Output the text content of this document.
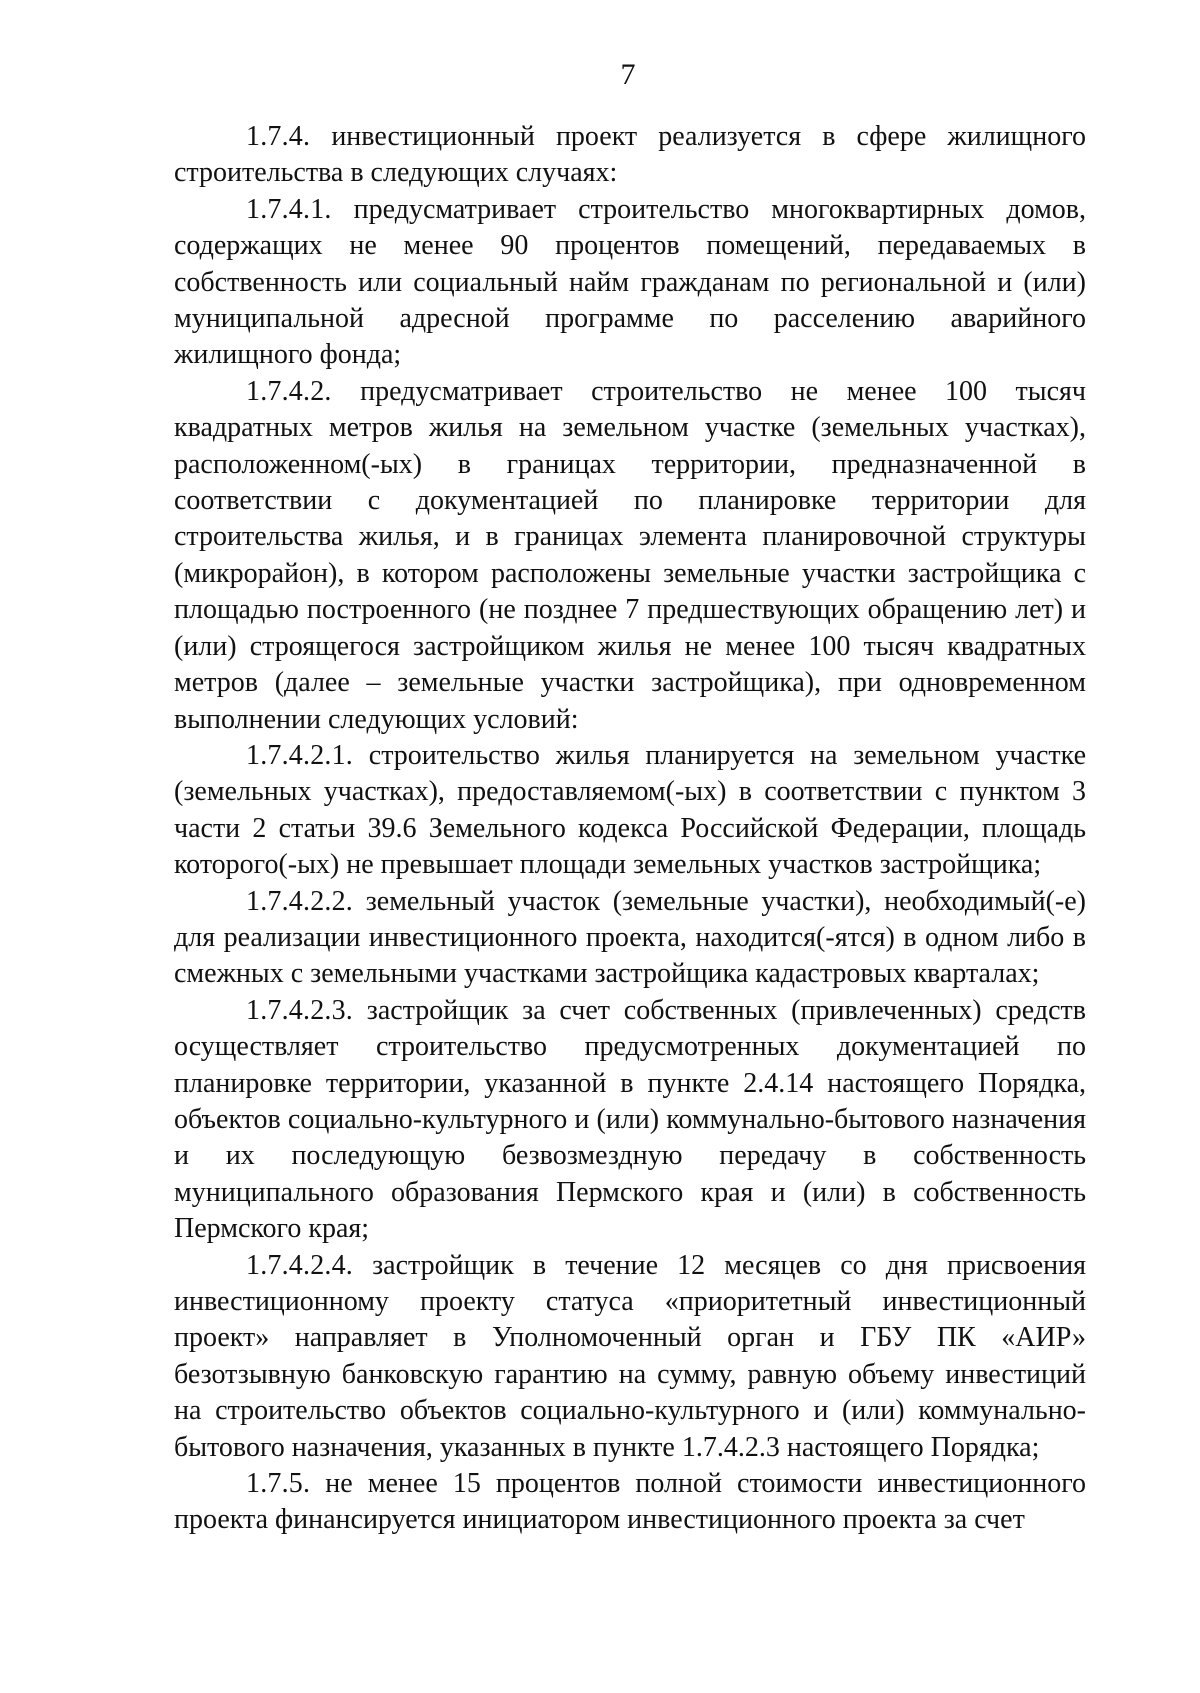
7

1.7.4. инвестиционный проект реализуется в сфере жилищного строительства в следующих случаях:

1.7.4.1. предусматривает строительство многоквартирных домов, содержащих не менее 90 процентов помещений, передаваемых в собственность или социальный найм гражданам по региональной и (или) муниципальной адресной программе по расселению аварийного жилищного фонда;

1.7.4.2. предусматривает строительство не менее 100 тысяч квадратных метров жилья на земельном участке (земельных участках), расположенном(-ых) в границах территории, предназначенной в соответствии с документацией по планировке территории для строительства жилья, и в границах элемента планировочной структуры (микрорайон), в котором расположены земельные участки застройщика с площадью построенного (не позднее 7 предшествующих обращению лет) и (или) строящегося застройщиком жилья не менее 100 тысяч квадратных метров (далее – земельные участки застройщика), при одновременном выполнении следующих условий:

1.7.4.2.1. строительство жилья планируется на земельном участке (земельных участках), предоставляемом(-ых) в соответствии с пунктом 3 части 2 статьи 39.6 Земельного кодекса Российской Федерации, площадь которого(-ых) не превышает площади земельных участков застройщика;

1.7.4.2.2. земельный участок (земельные участки), необходимый(-е) для реализации инвестиционного проекта, находится(-ятся) в одном либо в смежных с земельными участками застройщика кадастровых кварталах;

1.7.4.2.3. застройщик за счет собственных (привлеченных) средств осуществляет строительство предусмотренных документацией по планировке территории, указанной в пункте 2.4.14 настоящего Порядка, объектов социально-культурного и (или) коммунально-бытового назначения и их последующую безвозмездную передачу в собственность муниципального образования Пермского края и (или) в собственность Пермского края;

1.7.4.2.4. застройщик в течение 12 месяцев со дня присвоения инвестиционному проекту статуса «приоритетный инвестиционный проект» направляет в Уполномоченный орган и ГБУ ПК «АИР» безотзывную банковскую гарантию на сумму, равную объему инвестиций на строительство объектов социально-культурного и (или) коммунально-бытового назначения, указанных в пункте 1.7.4.2.3 настоящего Порядка;

1.7.5. не менее 15 процентов полной стоимости инвестиционного проекта финансируется инициатором инвестиционного проекта за счет
